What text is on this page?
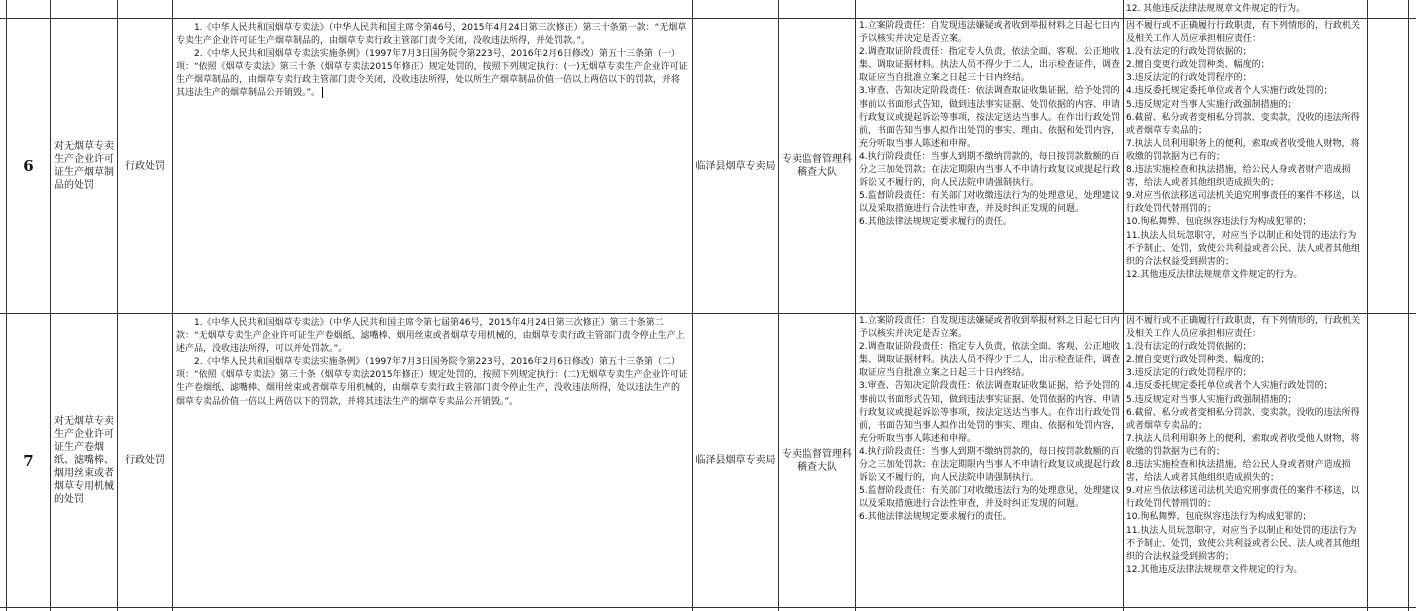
12. 其他违反法律法规规章文件规定的行为。
6
对无烟草专卖生产企业许可证生产烟草制品的处罚
行政处罚

1.《中华人民共和国烟草专卖法》（中华人民共和国主席令第46号，2015年4月24日第三次修正）第三十条第一款：“无烟草专卖生产企业许可证生产烟草制品的，由烟草专卖行政主管部门责令关闭，没收违法所得，并处罚款。”。

2.《中华人民共和国烟草专卖法实施条例》（1997年7月3日国务院令第223号，2016年2月6日修改）第五十三条第（一）项：“依照《烟草专卖法》第三十条（烟草专卖法2015年修正）规定处罚的，按照下列规定执行：(一)无烟草专卖生产企业许可证生产烟草制品的，由烟草专卖行政主管部门责令关闭，没收违法所得，处以所生产烟草制品价值一倍以上两倍以下的罚款，并将其违法生产的烟草制品公开销毁。”。

临泽县烟草专卖局
专卖监督管理科稽查大队
1.立案阶段责任：自发现违法嫌疑或者收到举报材料之日起七日内予以核实并决定是否立案。
2.调查取证阶段责任：指定专人负责，依法全面、客观、公正地收集、调取证据材料。执法人员不得少于二人，出示检查证件，调查取证应当自批准立案之日起三十日内终结。
3.审查、告知决定阶段责任：依法调查取证收集证据，给予处罚的事前以书面形式告知，做到违法事实证据、处罚依据的内容、申请行政复议或提起诉讼等事项，按法定送达当事人。在作出行政处罚前，书面告知当事人拟作出处罚的事实、理由、依据和处罚内容，充分听取当事人陈述和申辩。
4.执行阶段责任：当事人到期不缴纳罚款的，每日按罚款数额的百分之三加处罚款；在法定期限内当事人不申请行政复议或提起行政诉讼又不履行的，向人民法院申请强制执行。
5.监督阶段责任：有关部门对收缴违法行为的处理意见，处理建议以及采取措施进行合法性审查，并及时纠正发现的问题。
6.其他法律法规规定要求履行的责任。
因不履行或不正确履行行政职责，有下列情形的，行政机关及相关工作人员应承担相应责任：
1.没有法定的行政处罚依据的；
2.擅自变更行政处罚种类、幅度的；
3.违反法定的行政处罚程序的；
4.违反委托规定委托单位或者个人实施行政处罚的；
5.违反规定对当事人实施行政强制措施的；
6.截留、私分或者变相私分罚款、变卖款，没收的违法所得或者烟草专卖品的；
7.执法人员利用职务上的便利，索取或者收受他人财物，将收缴的罚款据为已有的；
8.违法实施检查和执法措施，给公民人身或者财产造成损害，给法人或者其他组织造成损失的；
9.对应当依法移送司法机关追究刑事责任的案件不移送，以行政处罚代替刑罚的；
10.徇私舞弊、包庇纵容违法行为构成犯罪的；
11.执法人员玩忽职守，对应当予以制止和处罚的违法行为不予制止、处罚，致使公共利益或者公民、法人或者其他组织的合法权益受到损害的；
12.其他违反法律法规规章文件规定的行为。
7
对无烟草专卖生产企业许可证生产卷烟纸、滤嘴棒、烟用丝束或者烟草专用机械的处罚
行政处罚

1.《中华人民共和国烟草专卖法》（中华人民共和国主席令第七届第46号，2015年4月24日第三次修正）第三十条第二款：“无烟草专卖生产企业许可证生产卷烟纸、滤嘴棒、烟用丝束或者烟草专用机械的，由烟草专卖行政主管部门责令停止生产上述产品，没收违法所得，可以并处罚款。”。

2.《中华人民共和国烟草专卖法实施条例》（1997年7月3日国务院令第223号，2016年2月6日修改）第五十三条第（二）项：“依照《烟草专卖法》第三十条（烟草专卖法2015年修正）规定处罚的，按照下列规定执行：(二)无烟草专卖生产企业许可证生产卷烟纸、滤嘴棒、烟用丝束或者烟草专用机械的，由烟草专卖行政主管部门责令停止生产，没收违法所得，处以违法生产的烟草专卖品价值一倍以上两倍以下的罚款，并将其违法生产的烟草专卖品公开销毁。”。

临泽县烟草专卖局
专卖监督管理科稽查大队
1.立案阶段责任：自发现违法嫌疑或者收到举报材料之日起七日内予以核实并决定是否立案。
2.调查取证阶段责任：指定专人负责，依法全面、客观、公正地收集、调取证据材料。执法人员不得少于二人，出示检查证件，调查取证应当自批准立案之日起三十日内终结。
3.审查、告知决定阶段责任：依法调查取证收集证据，给予处罚的事前以书面形式告知，做到违法事实证据、处罚依据的内容、申请行政复议或提起诉讼等事项，按法定送达当事人。在作出行政处罚前，书面告知当事人拟作出处罚的事实、理由、依据和处罚内容，充分听取当事人陈述和申辩。
4.执行阶段责任：当事人到期不缴纳罚款的，每日按罚款数额的百分之三加处罚款；在法定期限内当事人不申请行政复议或提起行政诉讼又不履行的，向人民法院申请强制执行。
5.监督阶段责任：有关部门对收缴违法行为的处理意见，处理建议以及采取措施进行合法性审查，并及时纠正发现的问题。
6.其他法律法规规定要求履行的责任。
因不履行或不正确履行行政职责，有下列情形的，行政机关及相关工作人员应承担相应责任：
1.没有法定的行政处罚依据的；
2.擅自变更行政处罚种类、幅度的；
3.违反法定的行政处罚程序的；
4.违反委托规定委托单位或者个人实施行政处罚的；
5.违反规定对当事人实施行政强制措施的；
6.截留、私分或者变相私分罚款、变卖款，没收的违法所得或者烟草专卖品的；
7.执法人员利用职务上的便利，索取或者收受他人财物，将收缴的罚款据为已有的；
8.违法实施检查和执法措施，给公民人身或者财产造成损害，给法人或者其他组织造成损失的；
9.对应当依法移送司法机关追究刑事责任的案件不移送，以行政处罚代替刑罚的；
10.徇私舞弊、包庇纵容违法行为构成犯罪的；
11.执法人员玩忽职守，对应当予以制止和处罚的违法行为不予制止、处罚，致使公共利益或者公民、法人或者其他组织的合法权益受到损害的；
12.其他违反法律法规规章文件规定的行为。
